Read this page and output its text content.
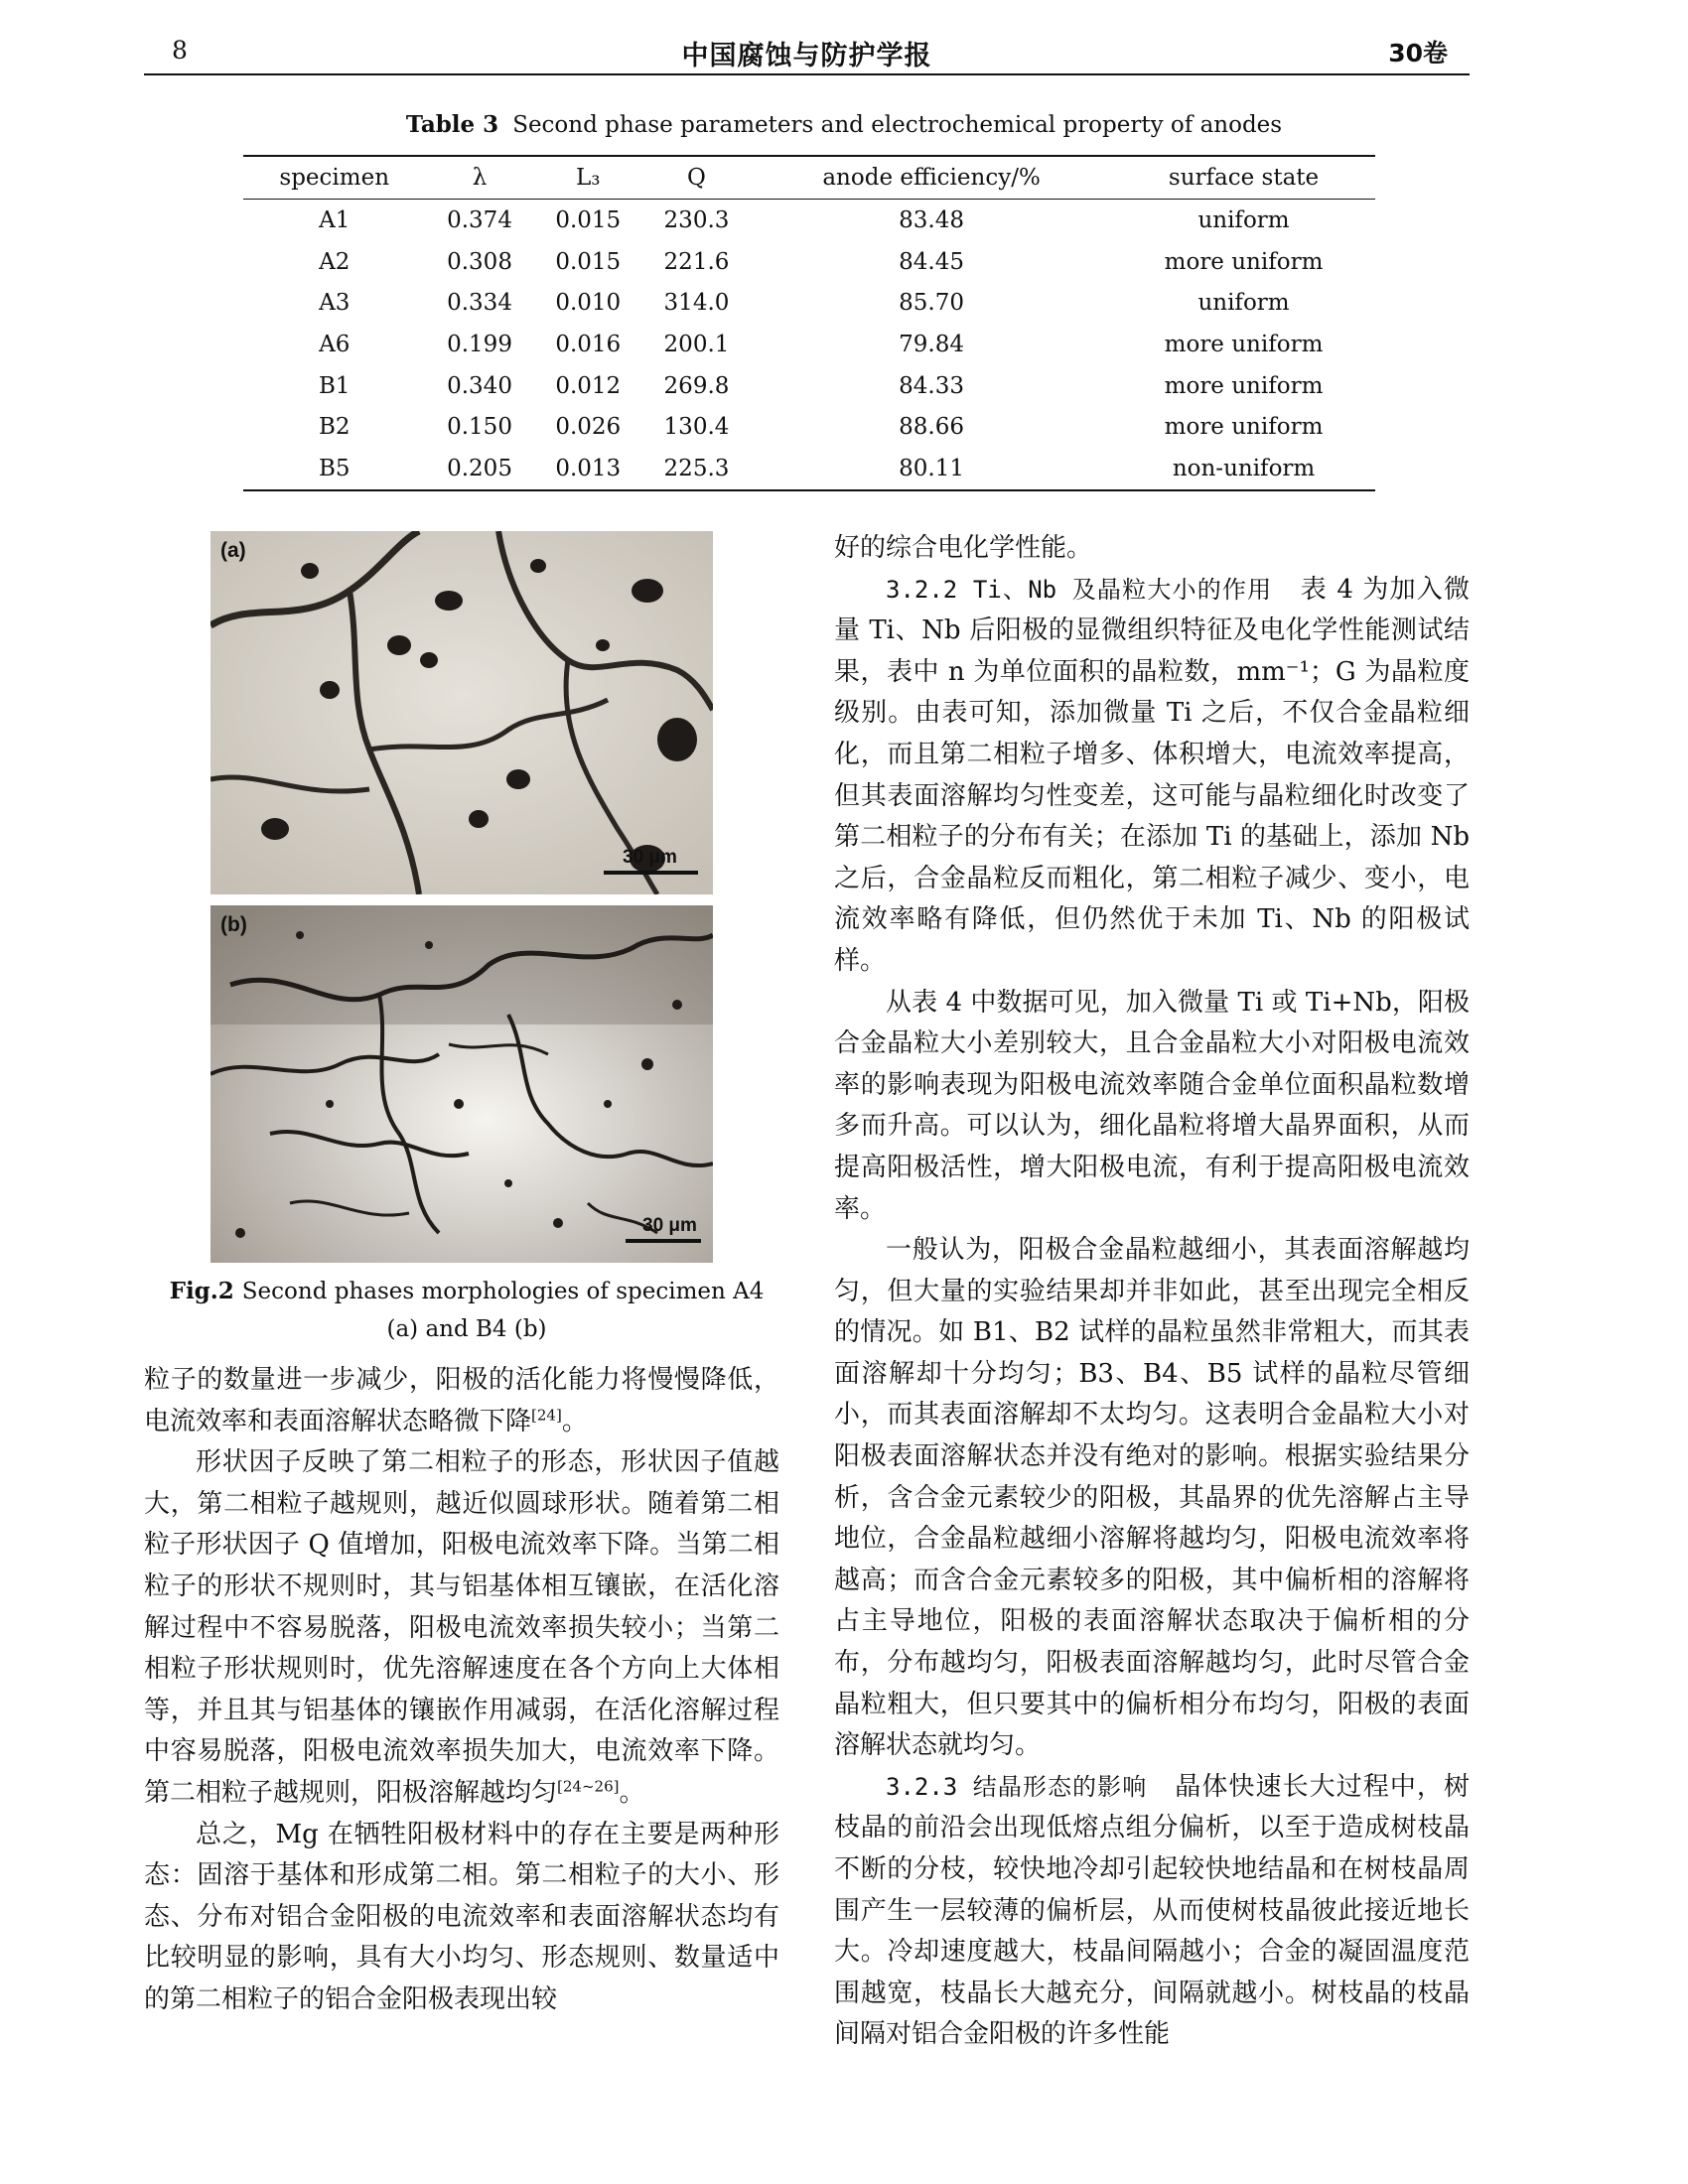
8	中国腐蚀与防护学报	30卷
Table 3 Second phase parameters and electrochemical property of anodes
specimen	λ	L₃	Q	anode efficiency/%	surface state
A1	0.374	0.015	230.3	83.48	uniform
A2	0.308	0.015	221.6	84.45	more uniform
A3	0.334	0.010	314.0	85.70	uniform
A6	0.199	0.016	200.1	79.84	more uniform
B1	0.340	0.012	269.8	84.33	more uniform
B2	0.150	0.026	130.4	88.66	more uniform
B5	0.205	0.013	225.3	80.11	non-uniform
(a)
30 μm
(b)
30 μm
Fig.2 Second phases morphologies of specimen A4
(a) and B4 (b)

粒子的数量进一步减少，阳极的活化能力将慢慢降低，电流效率和表面溶解状态略微下降[24]。

形状因子反映了第二相粒子的形态，形状因子值越大，第二相粒子越规则，越近似圆球形状。随着第二相粒子形状因子 Q 值增加，阳极电流效率下降。当第二相粒子的形状不规则时，其与铝基体相互镶嵌，在活化溶解过程中不容易脱落，阳极电流效率损失较小；当第二相粒子形状规则时，优先溶解速度在各个方向上大体相等，并且其与铝基体的镶嵌作用减弱，在活化溶解过程中容易脱落，阳极电流效率损失加大，电流效率下降。第二相粒子越规则，阳极溶解越均匀[24~26]。

总之，Mg 在牺牲阳极材料中的存在主要是两种形态：固溶于基体和形成第二相。第二相粒子的大小、形态、分布对铝合金阳极的电流效率和表面溶解状态均有比较明显的影响，具有大小均匀、形态规则、数量适中的第二相粒子的铝合金阳极表现出较

好的综合电化学性能。

3.2.2 Ti、Nb 及晶粒大小的作用 表 4 为加入微量 Ti、Nb 后阳极的显微组织特征及电化学性能测试结果，表中 n 为单位面积的晶粒数，mm⁻¹；G 为晶粒度级别。由表可知，添加微量 Ti 之后，不仅合金晶粒细化，而且第二相粒子增多、体积增大，电流效率提高，但其表面溶解均匀性变差，这可能与晶粒细化时改变了第二相粒子的分布有关；在添加 Ti 的基础上，添加 Nb 之后，合金晶粒反而粗化，第二相粒子减少、变小，电流效率略有降低，但仍然优于未加 Ti、Nb 的阳极试样。

从表 4 中数据可见，加入微量 Ti 或 Ti+Nb，阳极合金晶粒大小差别较大，且合金晶粒大小对阳极电流效率的影响表现为阳极电流效率随合金单位面积晶粒数增多而升高。可以认为，细化晶粒将增大晶界面积，从而提高阳极活性，增大阳极电流，有利于提高阳极电流效率。

一般认为，阳极合金晶粒越细小，其表面溶解越均匀，但大量的实验结果却并非如此，甚至出现完全相反的情况。如 B1、B2 试样的晶粒虽然非常粗大，而其表面溶解却十分均匀；B3、B4、B5 试样的晶粒尽管细小，而其表面溶解却不太均匀。这表明合金晶粒大小对阳极表面溶解状态并没有绝对的影响。根据实验结果分析，含合金元素较少的阳极，其晶界的优先溶解占主导地位，合金晶粒越细小溶解将越均匀，阳极电流效率将越高；而含合金元素较多的阳极，其中偏析相的溶解将占主导地位，阳极的表面溶解状态取决于偏析相的分布，分布越均匀，阳极表面溶解越均匀，此时尽管合金晶粒粗大，但只要其中的偏析相分布均匀，阳极的表面溶解状态就均匀。

3.2.3 结晶形态的影响 晶体快速长大过程中，树枝晶的前沿会出现低熔点组分偏析，以至于造成树枝晶不断的分枝，较快地冷却引起较快地结晶和在树枝晶周围产生一层较薄的偏析层，从而使树枝晶彼此接近地长大。冷却速度越大，枝晶间隔越小；合金的凝固温度范围越宽，枝晶长大越充分，间隔就越小。树枝晶的枝晶间隔对铝合金阳极的许多性能
